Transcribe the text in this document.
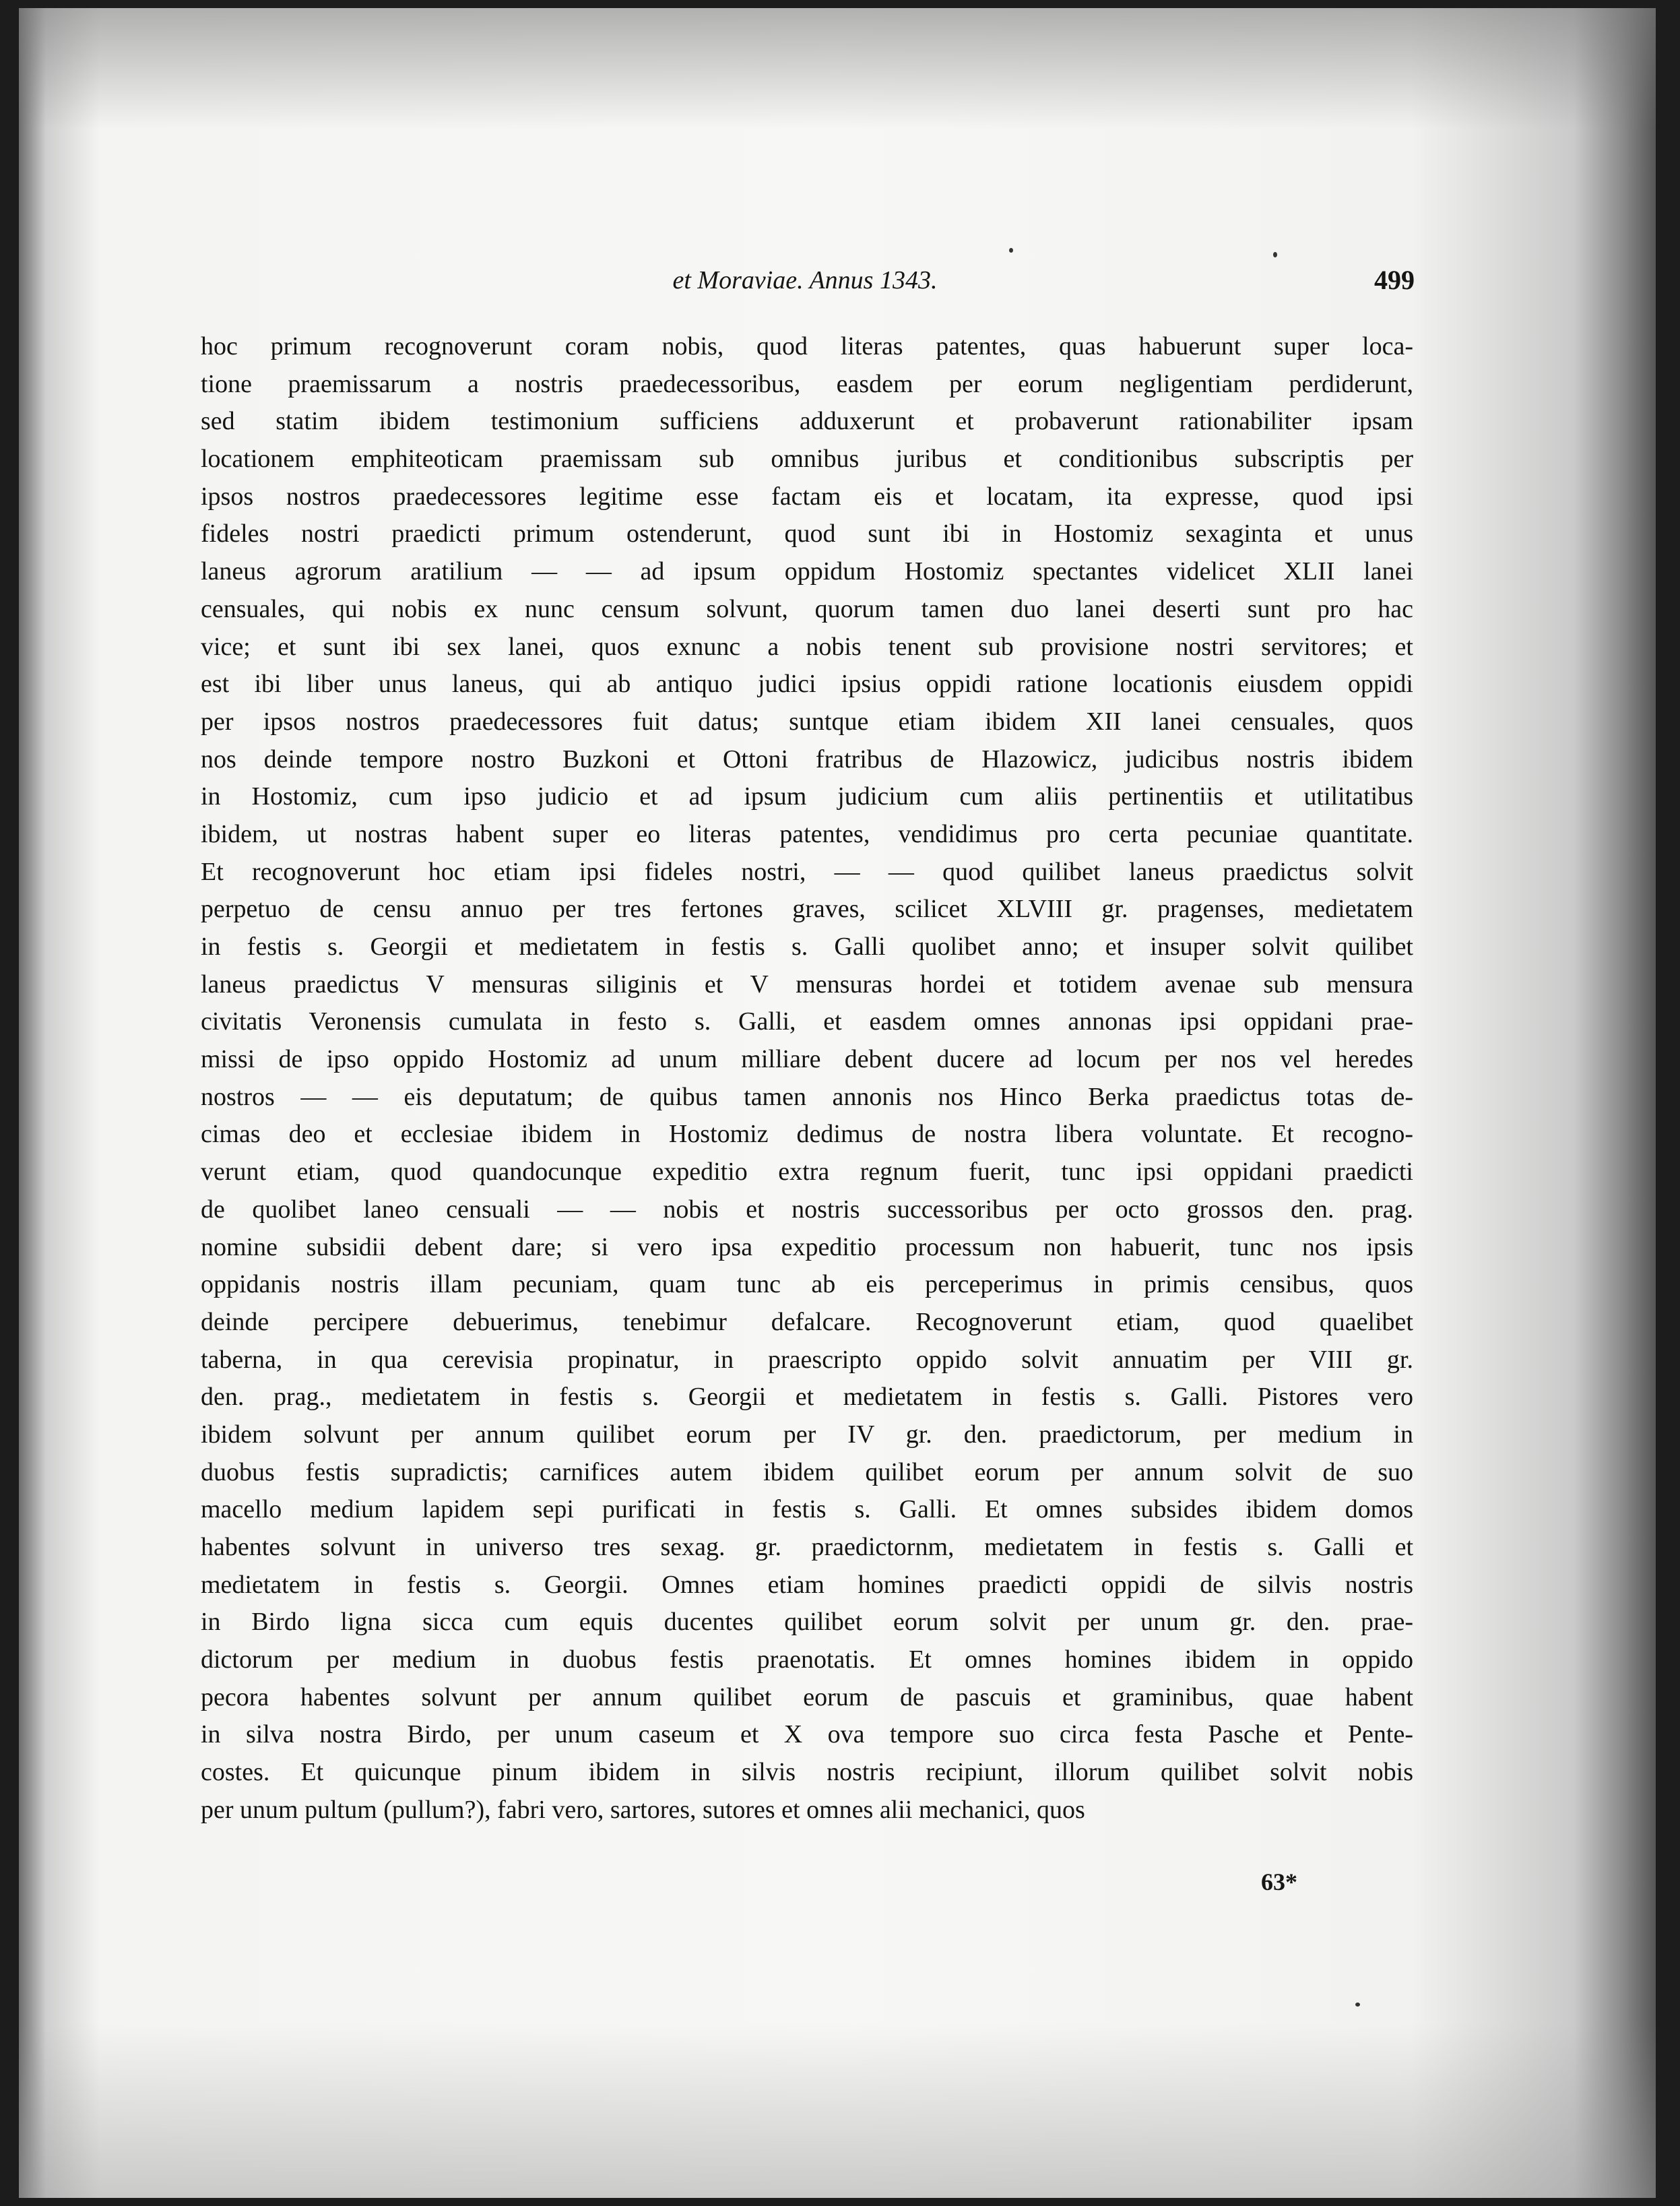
et Moraviae. Annus 1343.	499
hoc primum recognoverunt coram nobis, quod literas patentes, quas habuerunt super loca-
tione praemissarum a nostris praedecessoribus, easdem per eorum negligentiam perdiderunt,
sed statim ibidem testimonium sufficiens adduxerunt et probaverunt rationabiliter ipsam
locationem emphiteoticam praemissam sub omnibus juribus et conditionibus subscriptis per
ipsos nostros praedecessores legitime esse factam eis et locatam, ita expresse, quod ipsi
fideles nostri praedicti primum ostenderunt, quod sunt ibi in Hostomiz sexaginta et unus
laneus agrorum aratilium — — ad ipsum oppidum Hostomiz spectantes videlicet XLII lanei
censuales, qui nobis ex nunc censum solvunt, quorum tamen duo lanei deserti sunt pro hac
vice; et sunt ibi sex lanei, quos exnunc a nobis tenent sub provisione nostri servitores; et
est ibi liber unus laneus, qui ab antiquo judici ipsius oppidi ratione locationis eiusdem oppidi
per ipsos nostros praedecessores fuit datus; suntque etiam ibidem XII lanei censuales, quos
nos deinde tempore nostro Buzkoni et Ottoni fratribus de Hlazowicz, judicibus nostris ibidem
in Hostomiz, cum ipso judicio et ad ipsum judicium cum aliis pertinentiis et utilitatibus
ibidem, ut nostras habent super eo literas patentes, vendidimus pro certa pecuniae quantitate.
Et recognoverunt hoc etiam ipsi fideles nostri, — — quod quilibet laneus praedictus solvit
perpetuo de censu annuo per tres fertones graves, scilicet XLVIII gr. pragenses, medietatem
in festis s. Georgii et medietatem in festis s. Galli quolibet anno; et insuper solvit quilibet
laneus praedictus V mensuras siliginis et V mensuras hordei et totidem avenae sub mensura
civitatis Veronensis cumulata in festo s. Galli, et easdem omnes annonas ipsi oppidani prae-
missi de ipso oppido Hostomiz ad unum milliare debent ducere ad locum per nos vel heredes
nostros — — eis deputatum; de quibus tamen annonis nos Hinco Berka praedictus totas de-
cimas deo et ecclesiae ibidem in Hostomiz dedimus de nostra libera voluntate. Et recogno-
verunt etiam, quod quandocunque expeditio extra regnum fuerit, tunc ipsi oppidani praedicti
de quolibet laneo censuali — — nobis et nostris successoribus per octo grossos den. prag.
nomine subsidii debent dare; si vero ipsa expeditio processum non habuerit, tunc nos ipsis
oppidanis nostris illam pecuniam, quam tunc ab eis perceperimus in primis censibus, quos
deinde percipere debuerimus, tenebimur defalcare. Recognoverunt etiam, quod quaelibet
taberna, in qua cerevisia propinatur, in praescripto oppido solvit annuatim per VIII gr.
den. prag., medietatem in festis s. Georgii et medietatem in festis s. Galli. Pistores vero
ibidem solvunt per annum quilibet eorum per IV gr. den. praedictorum, per medium in
duobus festis supradictis; carnifices autem ibidem quilibet eorum per annum solvit de suo
macello medium lapidem sepi purificati in festis s. Galli. Et omnes subsides ibidem domos
habentes solvunt in universo tres sexag. gr. praedictornm, medietatem in festis s. Galli et
medietatem in festis s. Georgii. Omnes etiam homines praedicti oppidi de silvis nostris
in Birdo ligna sicca cum equis ducentes quilibet eorum solvit per unum gr. den. prae-
dictorum per medium in duobus festis praenotatis. Et omnes homines ibidem in oppido
pecora habentes solvunt per annum quilibet eorum de pascuis et graminibus, quae habent
in silva nostra Birdo, per unum caseum et X ova tempore suo circa festa Pasche et Pente-
costes. Et quicunque pinum ibidem in silvis nostris recipiunt, illorum quilibet solvit nobis
per unum pultum (pullum?), fabri vero, sartores, sutores et omnes alii mechanici, quos
63*
